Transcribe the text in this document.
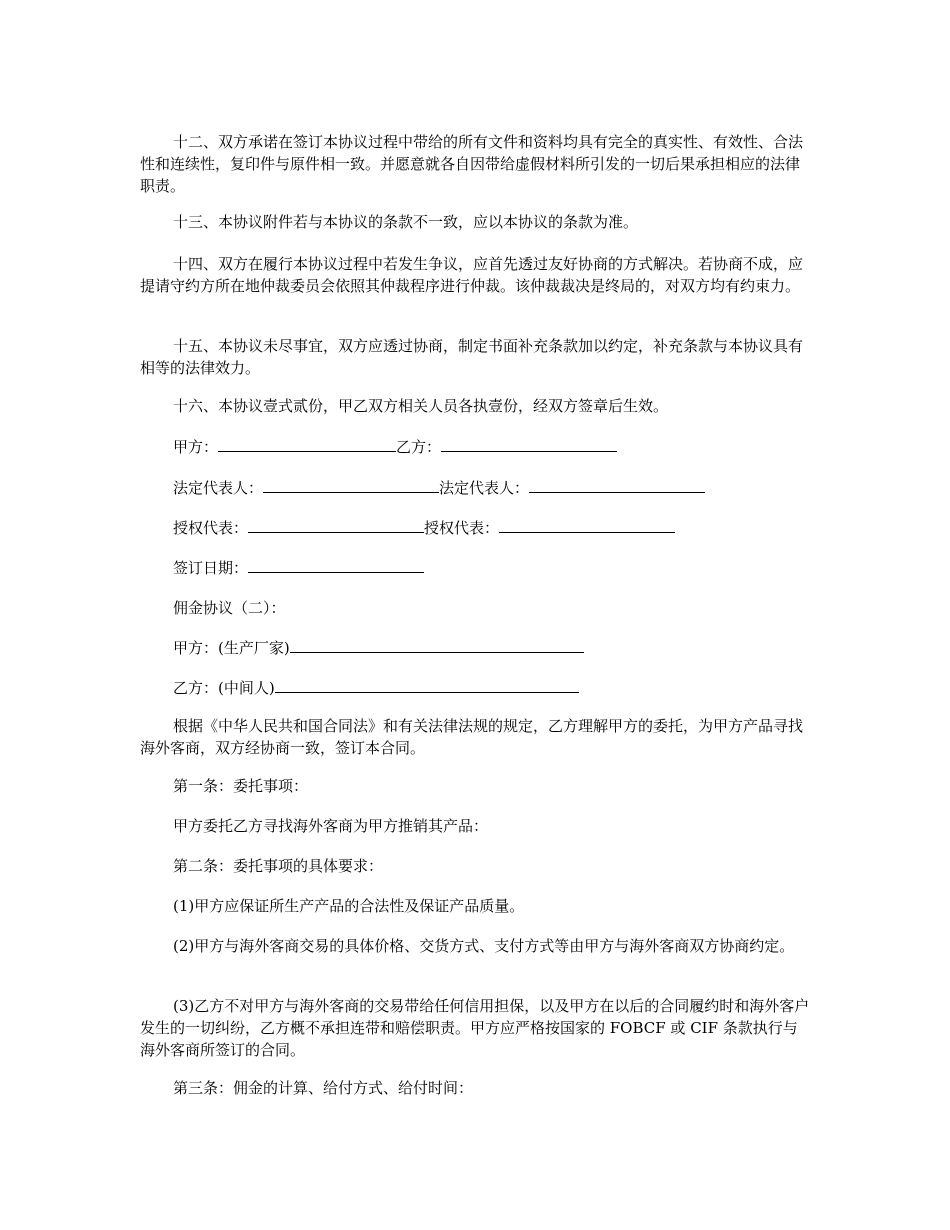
十二、双方承诺在签订本协议过程中带给的所有文件和资料均具有完全的真实性、有效性、合法性和连续性，复印件与原件相一致。并愿意就各自因带给虚假材料所引发的一切后果承担相应的法律职责。

十三、本协议附件若与本协议的条款不一致，应以本协议的条款为准。

十四、双方在履行本协议过程中若发生争议，应首先透过友好协商的方式解决。若协商不成，应提请守约方所在地仲裁委员会依照其仲裁程序进行仲裁。该仲裁裁决是终局的，对双方均有约束力。

十五、本协议未尽事宜，双方应透过协商，制定书面补充条款加以约定，补充条款与本协议具有相等的法律效力。

十六、本协议壹式贰份，甲乙双方相关人员各执壹份，经双方签章后生效。

甲方：	乙方：
法定代表人：	法定代表人：
授权代表：	授权代表：
签订日期：
佣金协议（二）：
甲方：(生产厂家)
乙方：(中间人)

根据《中华人民共和国合同法》和有关法律法规的规定，乙方理解甲方的委托，为甲方产品寻找海外客商，双方经协商一致，签订本合同。

第一条：委托事项：
甲方委托乙方寻找海外客商为甲方推销其产品：
第二条：委托事项的具体要求：
(1)甲方应保证所生产产品的合法性及保证产品质量。

(2)甲方与海外客商交易的具体价格、交货方式、支付方式等由甲方与海外客商双方协商约定。

(3)乙方不对甲方与海外客商的交易带给任何信用担保，以及甲方在以后的合同履约时和海外客户发生的一切纠纷，乙方概不承担连带和赔偿职责。甲方应严格按国家的 FOBCF 或 CIF 条款执行与海外客商所签订的合同。

第三条：佣金的计算、给付方式、给付时间：
